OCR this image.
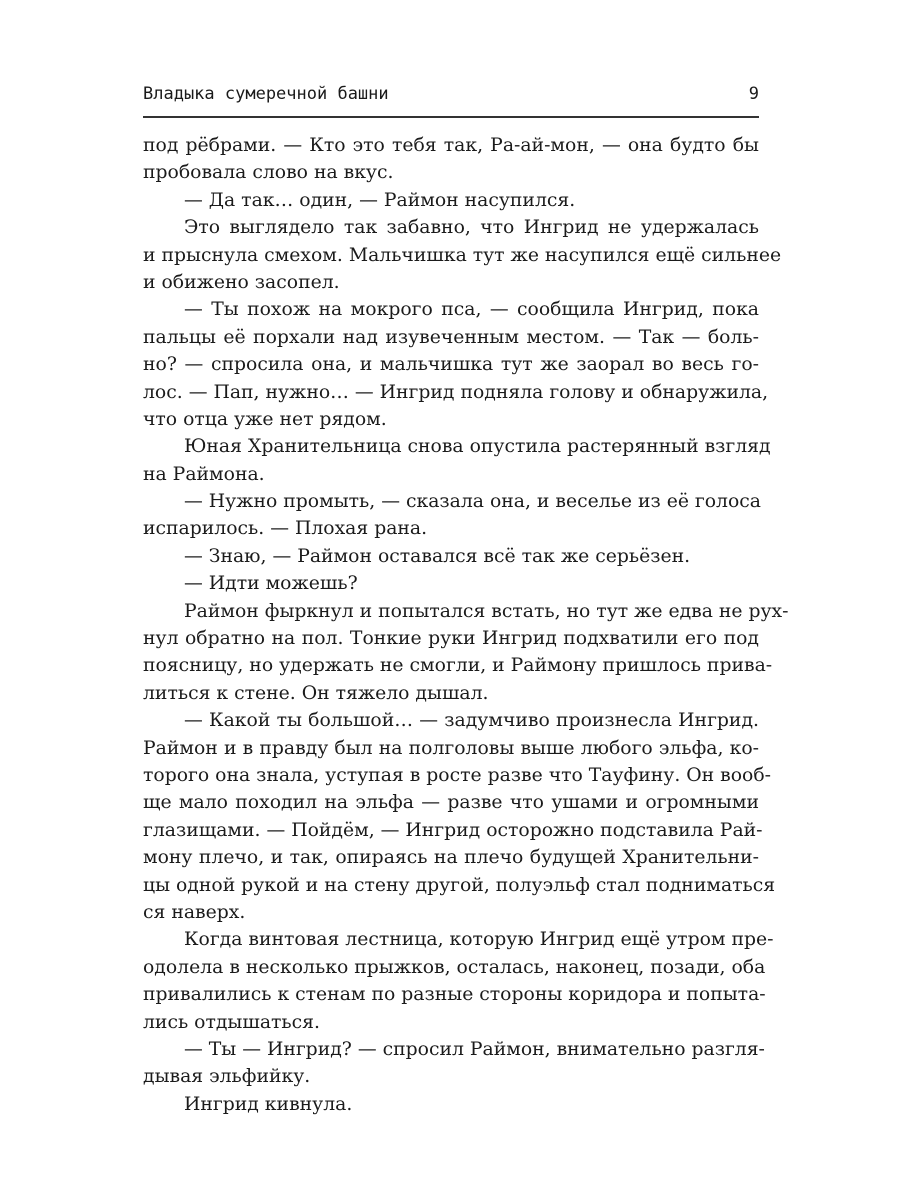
Владыка сумеречной башни	9
под рёбрами. — Кто это тебя так, Ра-ай-мон, — она будто бы
пробовала слово на вкус.
— Да так… один, — Раймон насупился.
Это выглядело так забавно, что Ингрид не удержалась
и прыснула смехом. Мальчишка тут же насупился ещё сильнее
и обижено засопел.
— Ты похож на мокрого пса, — сообщила Ингрид, пока
пальцы её порхали над изувеченным местом. — Так — боль-
но? — спросила она, и мальчишка тут же заорал во весь го-
лос. — Пап, нужно… — Ингрид подняла голову и обнаружила,
что отца уже нет рядом.
Юная Хранительница снова опустила растерянный взгляд
на Раймона.
— Нужно промыть, — сказала она, и веселье из её голоса
испарилось. — Плохая рана.
— Знаю, — Раймон оставался всё так же серьёзен.
— Идти можешь?
Раймон фыркнул и попытался встать, но тут же едва не рух-
нул обратно на пол. Тонкие руки Ингрид подхватили его под
поясницу, но удержать не смогли, и Раймону пришлось прива-
литься к стене. Он тяжело дышал.
— Какой ты большой… — задумчиво произнесла Ингрид.
Раймон и в правду был на полголовы выше любого эльфа, ко-
торого она знала, уступая в росте разве что Тауфину. Он вооб-
ще мало походил на эльфа — разве что ушами и огромными
глазищами. — Пойдём, — Ингрид осторожно подставила Рай-
мону плечо, и так, опираясь на плечо будущей Хранительни-
цы одной рукой и на стену другой, полуэльф стал подниматься
ся наверх.
Когда винтовая лестница, которую Ингрид ещё утром пре-
одолела в несколько прыжков, осталась, наконец, позади, оба
привалились к стенам по разные стороны коридора и попыта-
лись отдышаться.
— Ты — Ингрид? — спросил Раймон, внимательно разгля-
дывая эльфийку.
Ингрид кивнула.
